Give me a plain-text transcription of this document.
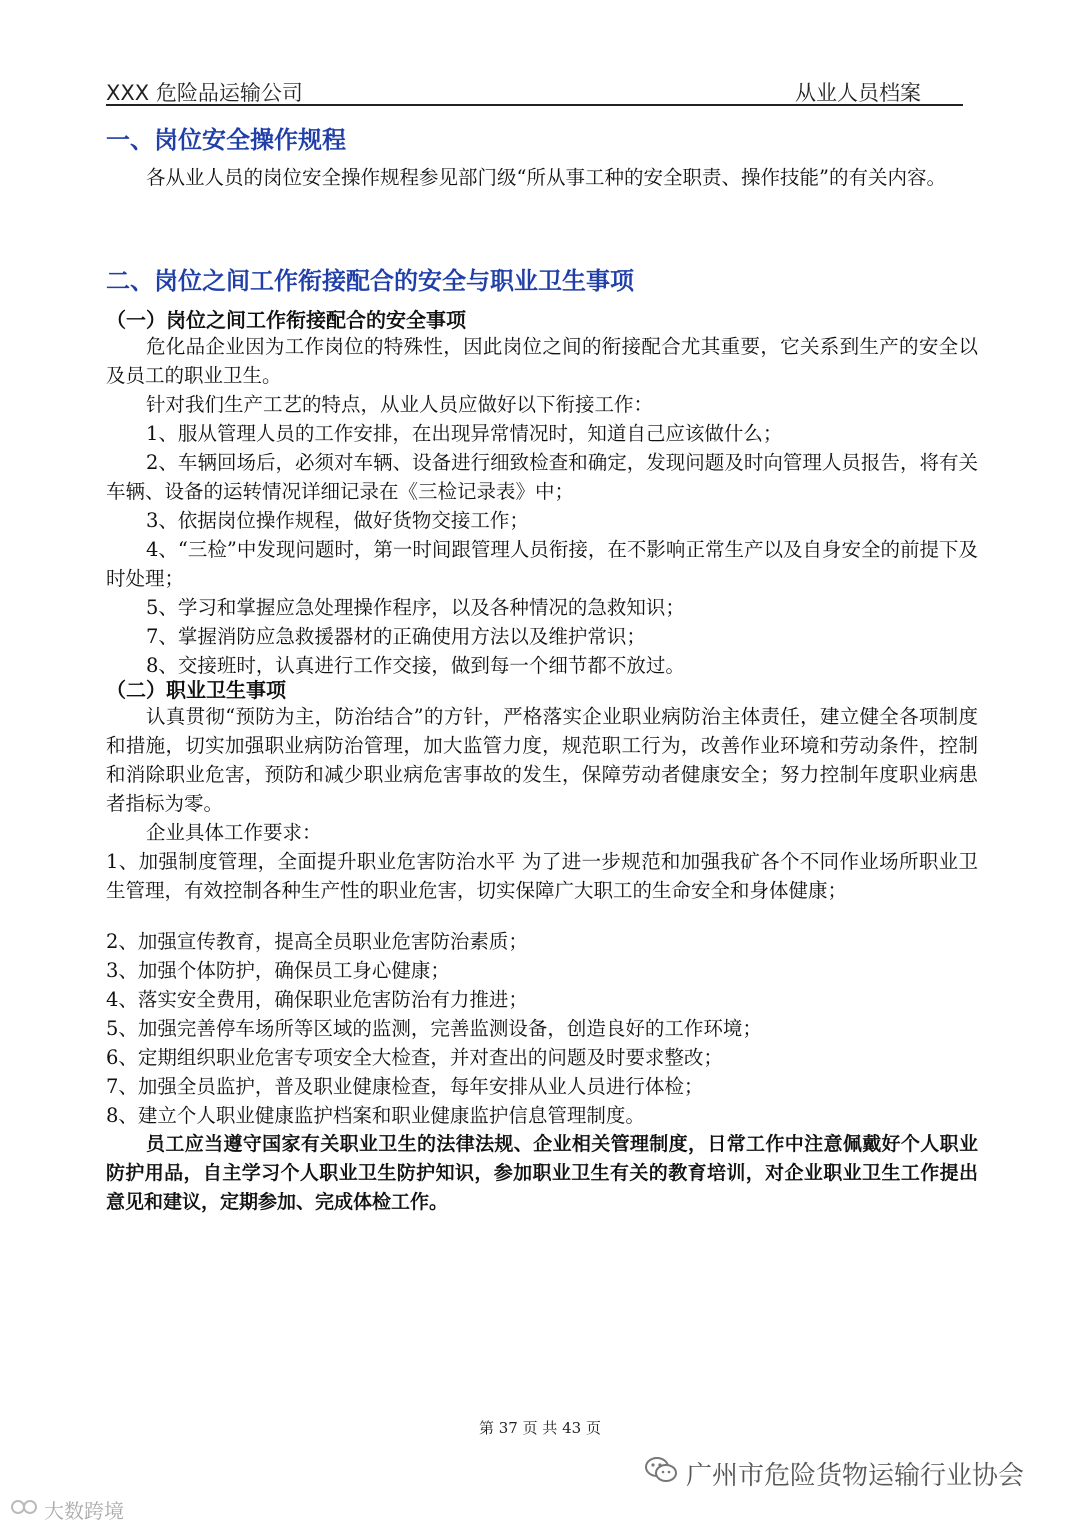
XXX 危险品运输公司	从业人员档案
一、岗位安全操作规程
各从业人员的岗位安全操作规程参见部门级“所从事工种的安全职责、操作技能”的有关内容。
二、岗位之间工作衔接配合的安全与职业卫生事项
（一）岗位之间工作衔接配合的安全事项
危化品企业因为工作岗位的特殊性，因此岗位之间的衔接配合尤其重要，它关系到生产的安全以及员工的职业卫生。
针对我们生产工艺的特点，从业人员应做好以下衔接工作：
1、服从管理人员的工作安排，在出现异常情况时，知道自己应该做什么；
2、车辆回场后，必须对车辆、设备进行细致检查和确定，发现问题及时向管理人员报告，将有关车辆、设备的运转情况详细记录在《三检记录表》中；
3、依据岗位操作规程，做好货物交接工作；
4、“三检”中发现问题时，第一时间跟管理人员衔接，在不影响正常生产以及自身安全的前提下及时处理；
5、学习和掌握应急处理操作程序，以及各种情况的急救知识；
7、掌握消防应急救援器材的正确使用方法以及维护常识；
8、交接班时，认真进行工作交接，做到每一个细节都不放过。
（二）职业卫生事项
认真贯彻“预防为主，防治结合”的方针，严格落实企业职业病防治主体责任，建立健全各项制度和措施，切实加强职业病防治管理，加大监管力度，规范职工行为，改善作业环境和劳动条件，控制和消除职业危害，预防和减少职业病危害事故的发生，保障劳动者健康安全；努力控制年度职业病患者指标为零。
企业具体工作要求：
1、加强制度管理，全面提升职业危害防治水平 为了进一步规范和加强我矿各个不同作业场所职业卫生管理，有效控制各种生产性的职业危害，切实保障广大职工的生命安全和身体健康；
2、加强宣传教育，提高全员职业危害防治素质；
3、加强个体防护，确保员工身心健康；
4、落实安全费用，确保职业危害防治有力推进；
5、加强完善停车场所等区域的监测，完善监测设备，创造良好的工作环境；
6、定期组织职业危害专项安全大检查，并对查出的问题及时要求整改；
7、加强全员监护，普及职业健康检查，每年安排从业人员进行体检；
8、建立个人职业健康监护档案和职业健康监护信息管理制度。
员工应当遵守国家有关职业卫生的法律法规、企业相关管理制度，日常工作中注意佩戴好个人职业防护用品，自主学习个人职业卫生防护知识，参加职业卫生有关的教育培训，对企业职业卫生工作提出意见和建议，定期参加、完成体检工作。
第 37 页 共 43 页
广州市危险货物运输行业协会
大数跨境
